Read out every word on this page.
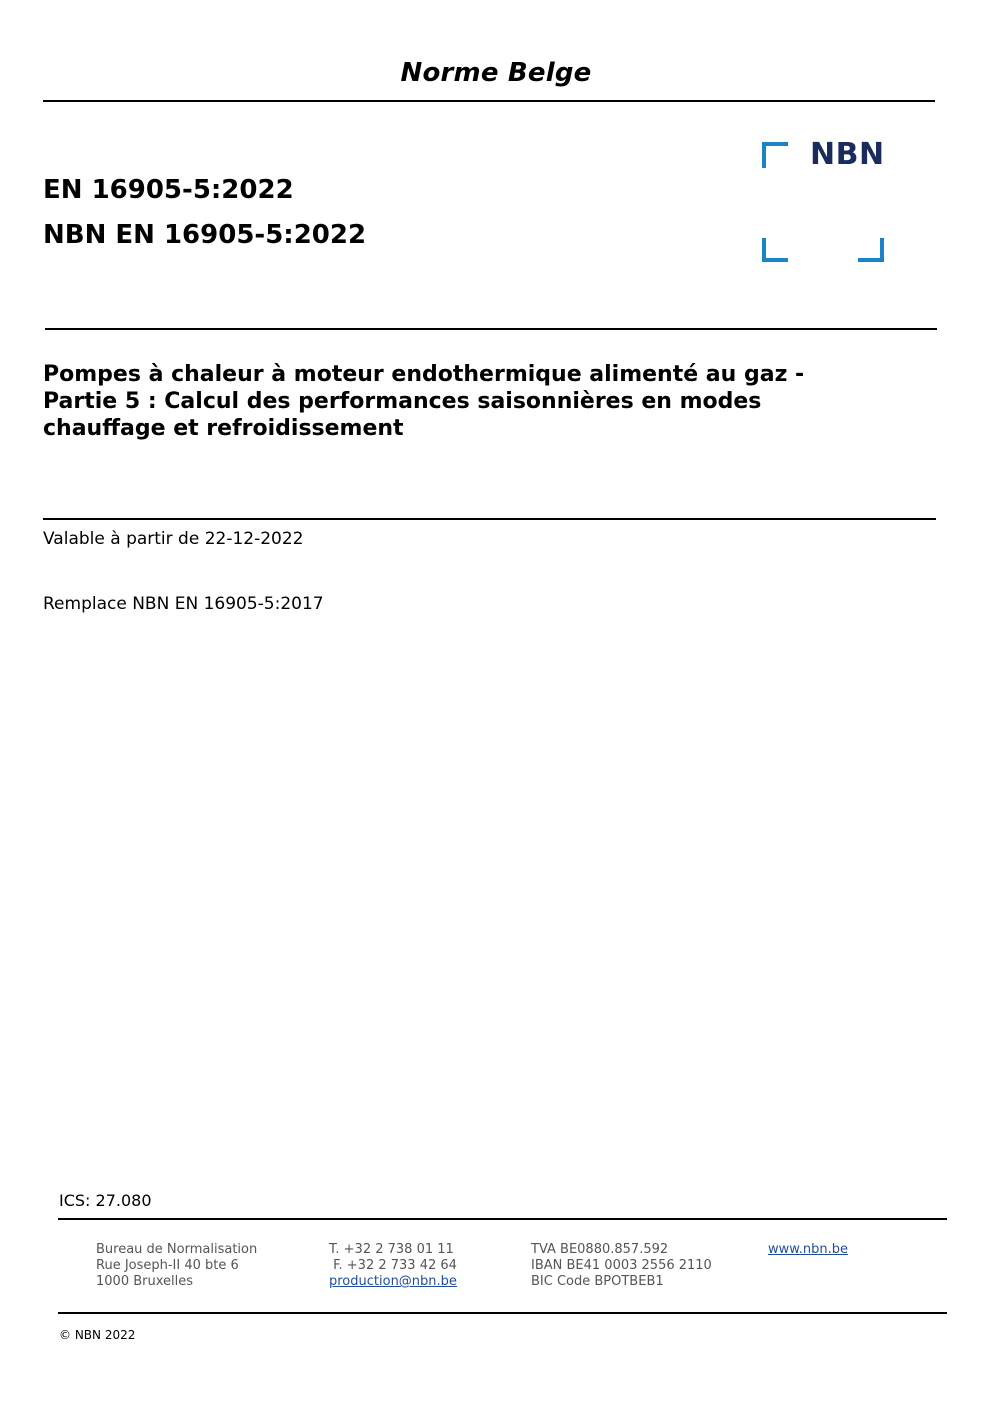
Norme Belge
EN 16905-5:2022
NBN EN 16905-5:2022
NBN
Pompes à chaleur à moteur endothermique alimenté au gaz -
Partie 5 : Calcul des performances saisonnières en modes
chauffage et refroidissement
Valable à partir de 22-12-2022
Remplace NBN EN 16905-5:2017
ICS: 27.080
Bureau de Normalisation
Rue Joseph-II 40 bte 6
1000 Bruxelles
T. +32 2 738 01 11
F. +32 2 733 42 64
production@nbn.be
TVA BE0880.857.592
IBAN BE41 0003 2556 2110
BIC Code BPOTBEB1
www.nbn.be
© NBN 2022
